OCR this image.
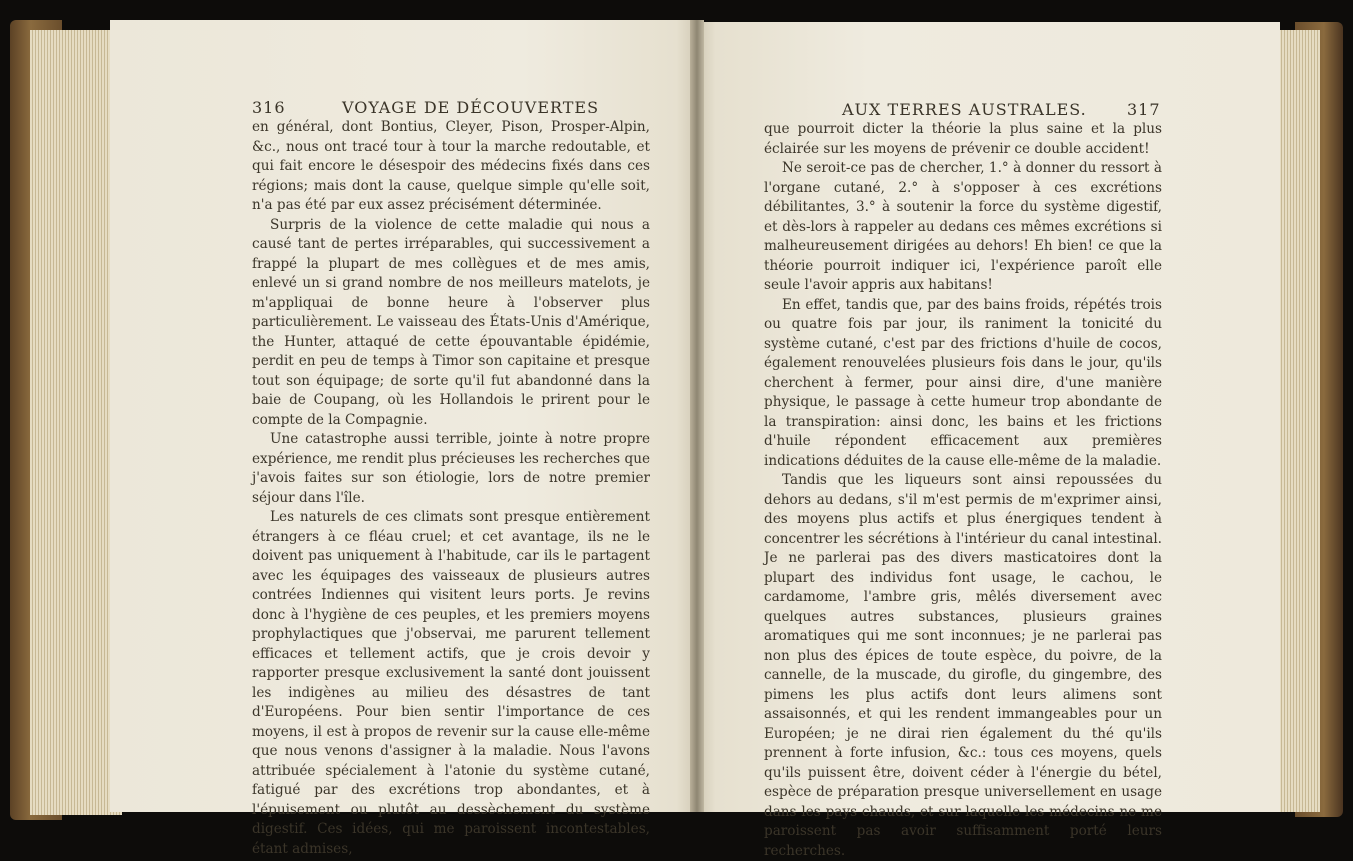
316	VOYAGE DE DÉCOUVERTES

en général, dont Bontius, Cleyer, Pison, Prosper-Alpin, &c., nous ont tracé tour à tour la marche redoutable, et qui fait encore le désespoir des médecins fixés dans ces régions; mais dont la cause, quelque simple qu'elle soit, n'a pas été par eux assez précisément déterminée.

Surpris de la violence de cette maladie qui nous a causé tant de pertes irréparables, qui successivement a frappé la plupart de mes collègues et de mes amis, enlevé un si grand nombre de nos meilleurs matelots, je m'appliquai de bonne heure à l'observer plus particulièrement. Le vaisseau des États-Unis d'Amérique, the Hunter, attaqué de cette épouvantable épidémie, perdit en peu de temps à Timor son capitaine et presque tout son équipage; de sorte qu'il fut abandonné dans la baie de Coupang, où les Hollandois le prirent pour le compte de la Compagnie.

Une catastrophe aussi terrible, jointe à notre propre expérience, me rendit plus précieuses les recherches que j'avois faites sur son étiologie, lors de notre premier séjour dans l'île.

Les naturels de ces climats sont presque entièrement étrangers à ce fléau cruel; et cet avantage, ils ne le doivent pas uniquement à l'habitude, car ils le partagent avec les équipages des vaisseaux de plusieurs autres contrées Indiennes qui visitent leurs ports. Je revins donc à l'hygiène de ces peuples, et les premiers moyens prophylactiques que j'observai, me parurent tellement efficaces et tellement actifs, que je crois devoir y rapporter presque exclusivement la santé dont jouissent les indigènes au milieu des désastres de tant d'Européens. Pour bien sentir l'importance de ces moyens, il est à propos de revenir sur la cause elle-même que nous venons d'assigner à la maladie. Nous l'avons attribuée spécialement à l'atonie du système cutané, fatigué par des excrétions trop abondantes, et à l'épuisement ou plutôt au dessèchement du système digestif. Ces idées, qui me paroissent incontestables, étant admises,

AUX TERRES AUSTRALES.	317

que pourroit dicter la théorie la plus saine et la plus éclairée sur les moyens de prévenir ce double accident!

Ne seroit-ce pas de chercher, 1.° à donner du ressort à l'organe cutané, 2.° à s'opposer à ces excrétions débilitantes, 3.° à soutenir la force du système digestif, et dès-lors à rappeler au dedans ces mêmes excrétions si malheureusement dirigées au dehors! Eh bien! ce que la théorie pourroit indiquer ici, l'expérience paroît elle seule l'avoir appris aux habitans!

En effet, tandis que, par des bains froids, répétés trois ou quatre fois par jour, ils raniment la tonicité du système cutané, c'est par des frictions d'huile de cocos, également renouvelées plusieurs fois dans le jour, qu'ils cherchent à fermer, pour ainsi dire, d'une manière physique, le passage à cette humeur trop abondante de la transpiration: ainsi donc, les bains et les frictions d'huile répondent efficacement aux premières indications déduites de la cause elle-même de la maladie.

Tandis que les liqueurs sont ainsi repoussées du dehors au dedans, s'il m'est permis de m'exprimer ainsi, des moyens plus actifs et plus énergiques tendent à concentrer les sécrétions à l'intérieur du canal intestinal. Je ne parlerai pas des divers masticatoires dont la plupart des individus font usage, le cachou, le cardamome, l'ambre gris, mêlés diversement avec quelques autres substances, plusieurs graines aromatiques qui me sont inconnues; je ne parlerai pas non plus des épices de toute espèce, du poivre, de la cannelle, de la muscade, du girofle, du gingembre, des pimens les plus actifs dont leurs alimens sont assaisonnés, et qui les rendent immangeables pour un Européen; je ne dirai rien également du thé qu'ils prennent à forte infusion, &c.: tous ces moyens, quels qu'ils puissent être, doivent céder à l'énergie du bétel, espèce de préparation presque universellement en usage dans les pays chauds, et sur laquelle les médecins ne me paroissent pas avoir suffisamment porté leurs recherches.
